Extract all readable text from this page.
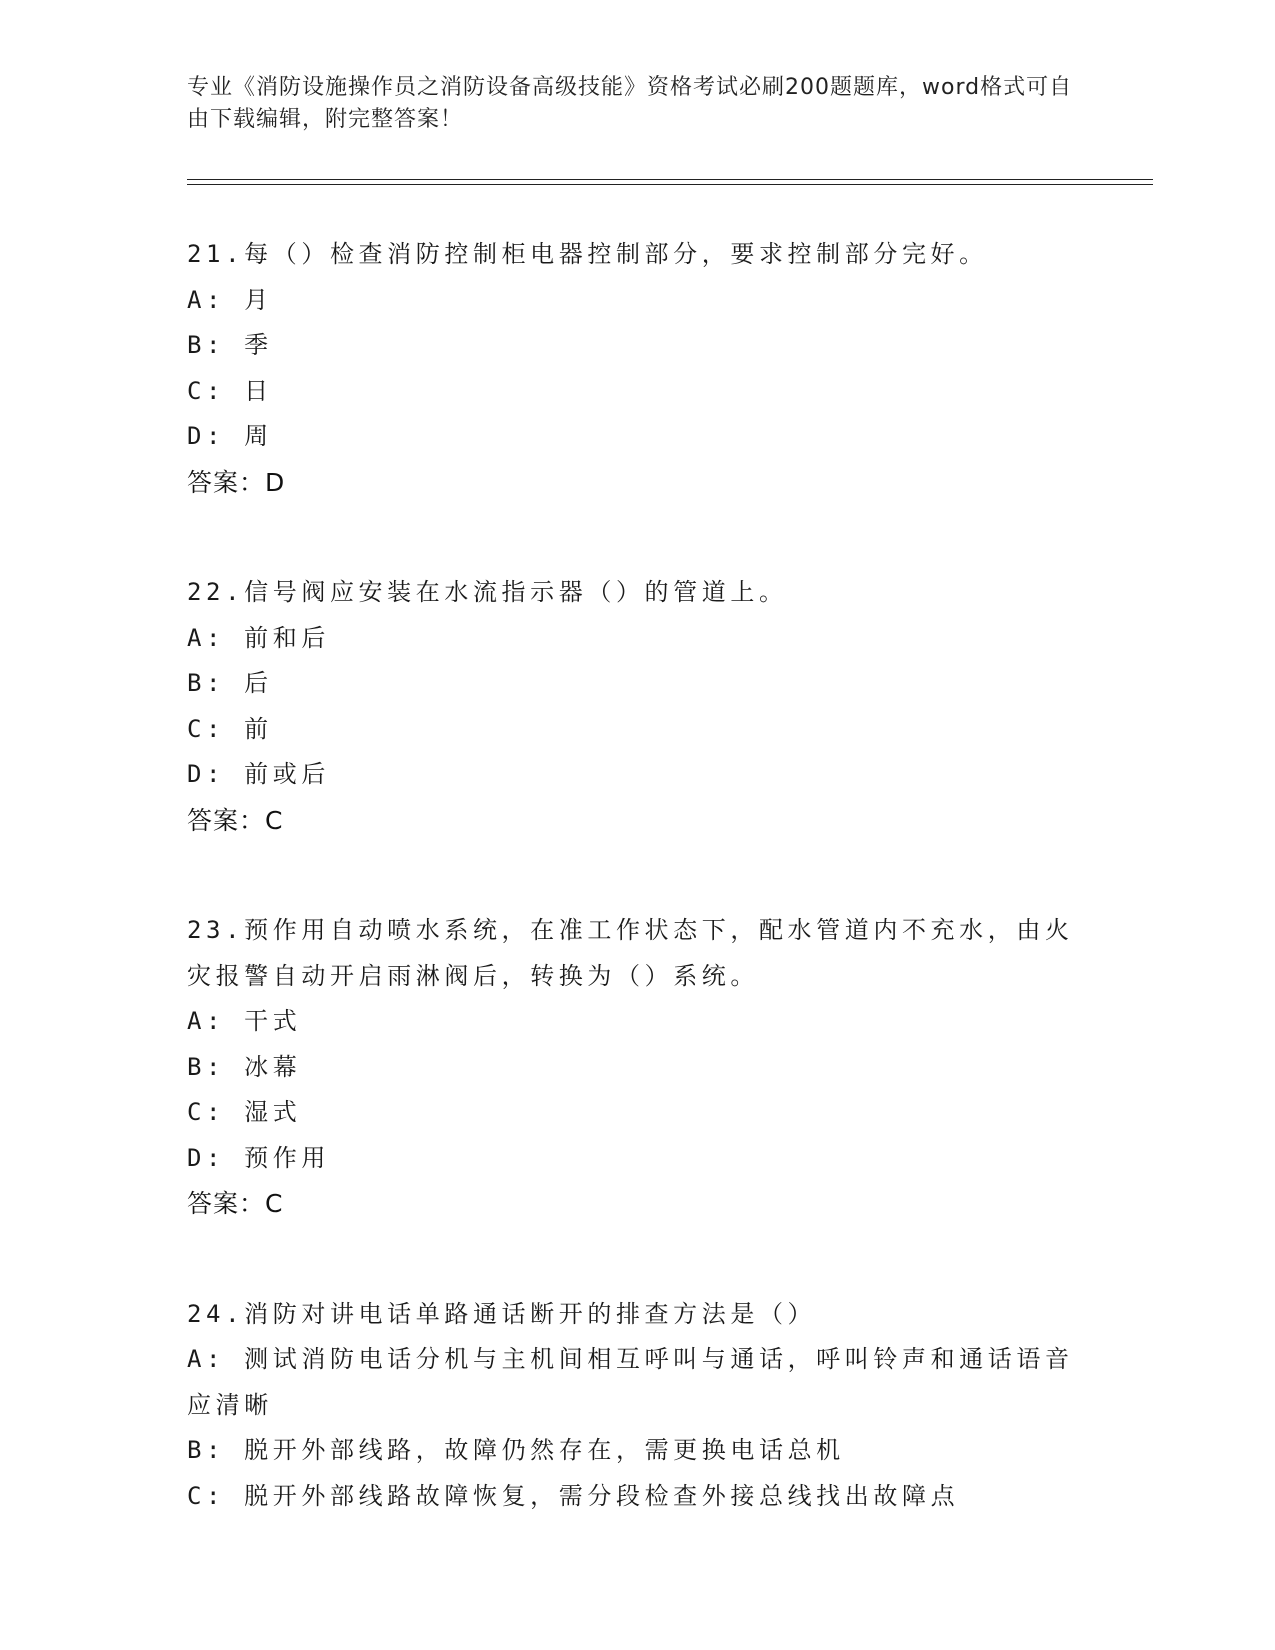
专业《消防设施操作员之消防设备高级技能》资格考试必刷200题题库，word格式可自由下载编辑，附完整答案！

21.每（）检查消防控制柜电器控制部分，要求控制部分完好。

A: 月

B: 季

C: 日

D: 周

答案：D

22.信号阀应安装在水流指示器（）的管道上。

A: 前和后

B: 后

C: 前

D: 前或后

答案：C

23.预作用自动喷水系统，在准工作状态下，配水管道内不充水，由火灾报警自动开启雨淋阀后，转换为（）系统。

A: 干式

B: 冰幕

C: 湿式

D: 预作用

答案：C

24.消防对讲电话单路通话断开的排查方法是（）

A: 测试消防电话分机与主机间相互呼叫与通话，呼叫铃声和通话语音应清晰

B: 脱开外部线路，故障仍然存在，需更换电话总机

C: 脱开外部线路故障恢复，需分段检查外接总线找出故障点
